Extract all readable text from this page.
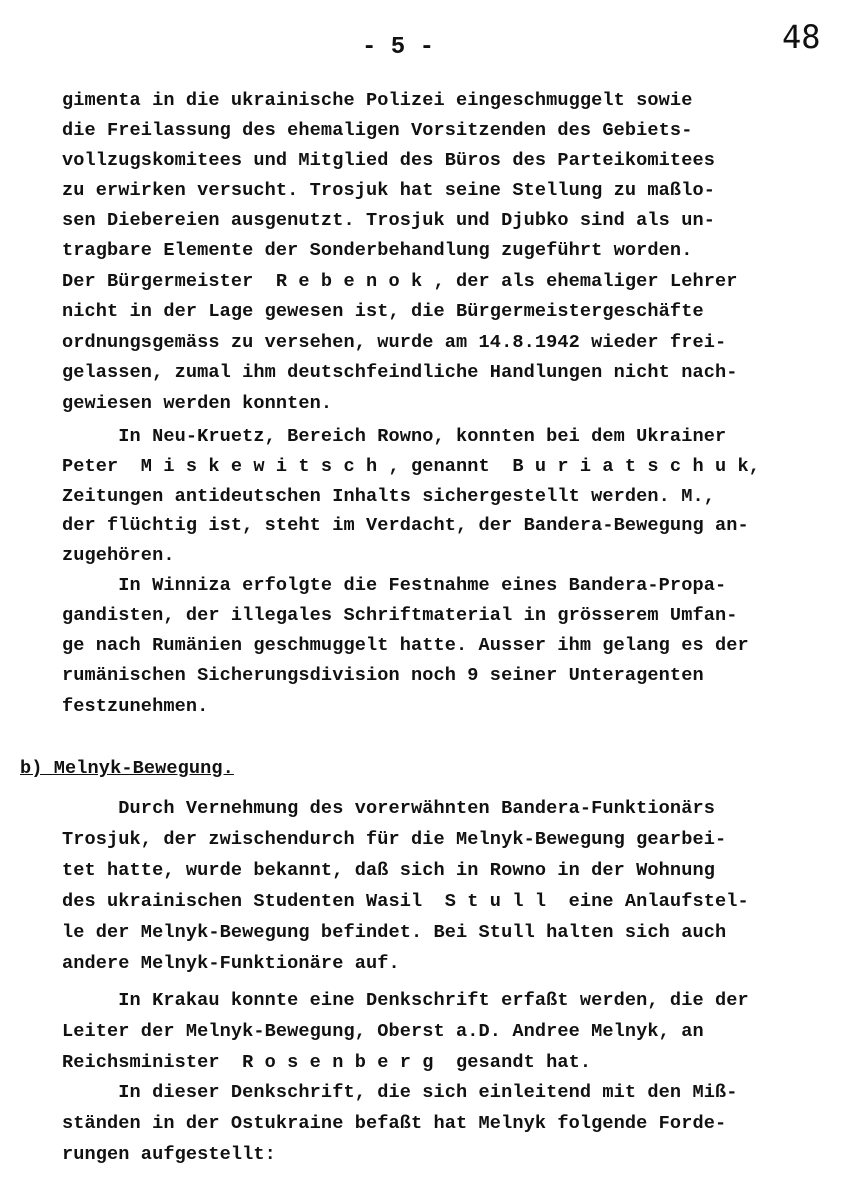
- 5 -	48
gimenta in die ukrainische Polizei eingeschmuggelt sowie
die Freilassung des ehemaligen Vorsitzenden des Gebiets-
vollzugskomitees und Mitglied des Büros des Parteikomitees
zu erwirken versucht. Trosjuk hat seine Stellung zu maßlo-
sen Diebereien ausgenutzt. Trosjuk und Djubko sind als un-
tragbare Elemente der Sonderbehandlung zugeführt worden.
Der Bürgermeister  R e b e n o k , der als ehemaliger Lehrer
nicht in der Lage gewesen ist, die Bürgermeistergeschäfte
ordnungsgemäss zu versehen, wurde am 14.8.1942 wieder frei-
gelassen, zumal ihm deutschfeindliche Handlungen nicht nach-
gewiesen werden konnten.
In Neu-Kruetz, Bereich Rowno, konnten bei dem Ukrainer
Peter  M i s k e w i t s c h , genannt  B u r i a t s c h u k,
Zeitungen antideutschen Inhalts sichergestellt werden. M.,
der flüchtig ist, steht im Verdacht, der Bandera-Bewegung an-
zugehören.
In Winniza erfolgte die Festnahme eines Bandera-Propa-
gandisten, der illegales Schriftmaterial in grösserem Umfan-
ge nach Rumänien geschmuggelt hatte. Ausser ihm gelang es der
rumänischen Sicherungsdivision noch 9 seiner Unteragenten
festzunehmen.
b) Melnyk-Bewegung.
Durch Vernehmung des vorerwähnten Bandera-Funktionärs
Trosjuk, der zwischendurch für die Melnyk-Bewegung gearbei-
tet hatte, wurde bekannt, daß sich in Rowno in der Wohnung
des ukrainischen Studenten Wasil  S t u l l  eine Anlaufstel-
le der Melnyk-Bewegung befindet. Bei Stull halten sich auch
andere Melnyk-Funktionäre auf.
In Krakau konnte eine Denkschrift erfaßt werden, die der
Leiter der Melnyk-Bewegung, Oberst a.D. Andree Melnyk, an
Reichsminister  R o s e n b e r g  gesandt hat.
In dieser Denkschrift, die sich einleitend mit den Miß-
ständen in der Ostukraine befaßt hat Melnyk folgende Forde-
rungen aufgestellt:
